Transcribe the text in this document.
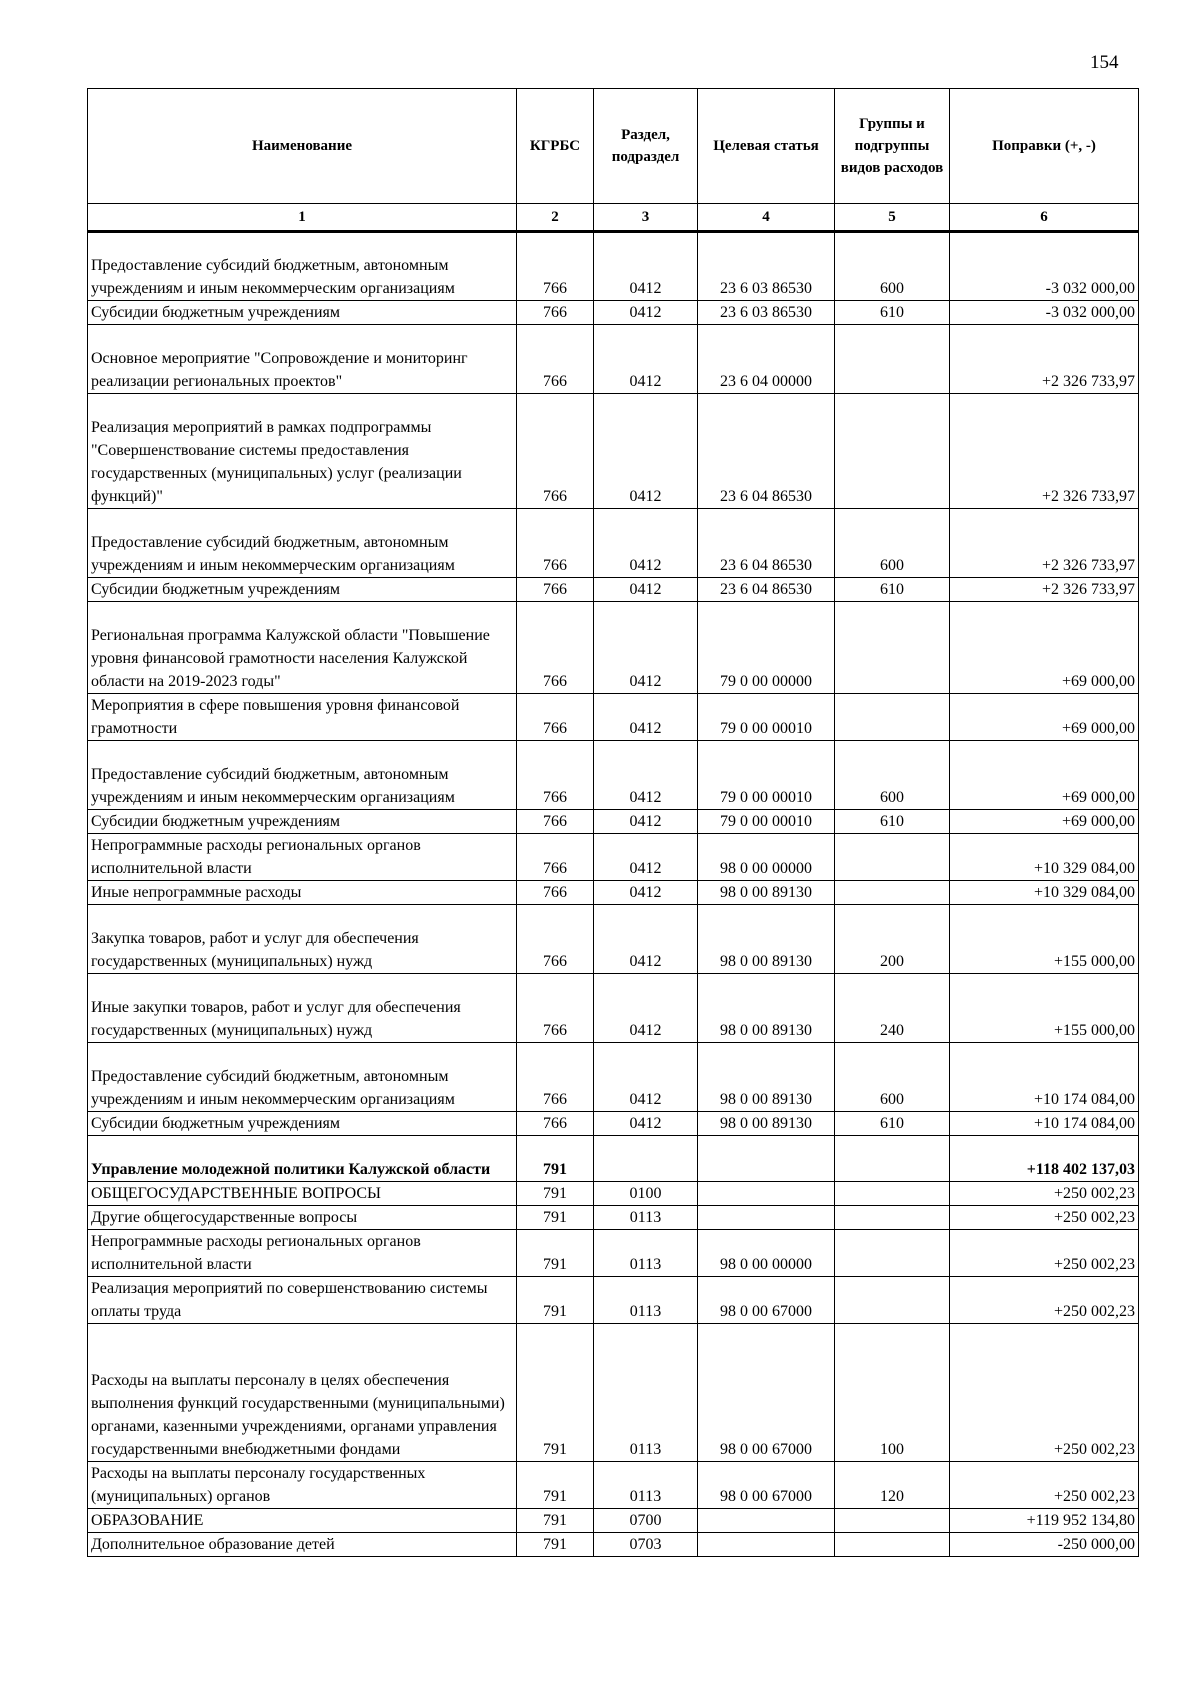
154
Наименование	КГРБС	Раздел, подраздел	Целевая статья	Группы и подгруппы видов расходов	Поправки (+, -)
1	2	3	4	5	6
Предоставление субсидий бюджетным, автономным учреждениям и иным некоммерческим организациям	766	0412	23 6 03 86530	600	-3 032 000,00
Субсидии бюджетным учреждениям	766	0412	23 6 03 86530	610	-3 032 000,00
Основное мероприятие "Сопровождение и мониторинг реализации региональных проектов"	766	0412	23 6 04 00000		+2 326 733,97
Реализация мероприятий в рамках подпрограммы "Совершенствование системы предоставления государственных (муниципальных) услуг (реализации функций)"	766	0412	23 6 04 86530		+2 326 733,97
Предоставление субсидий бюджетным, автономным учреждениям и иным некоммерческим организациям	766	0412	23 6 04 86530	600	+2 326 733,97
Субсидии бюджетным учреждениям	766	0412	23 6 04 86530	610	+2 326 733,97
Региональная программа Калужской области "Повышение уровня финансовой грамотности населения Калужской области на 2019-2023 годы"	766	0412	79 0 00 00000		+69 000,00
Мероприятия в сфере повышения уровня финансовой грамотности	766	0412	79 0 00 00010		+69 000,00
Предоставление субсидий бюджетным, автономным учреждениям и иным некоммерческим организациям	766	0412	79 0 00 00010	600	+69 000,00
Субсидии бюджетным учреждениям	766	0412	79 0 00 00010	610	+69 000,00
Непрограммные расходы региональных органов исполнительной власти	766	0412	98 0 00 00000		+10 329 084,00
Иные непрограммные расходы	766	0412	98 0 00 89130		+10 329 084,00
Закупка товаров, работ и услуг для обеспечения государственных (муниципальных) нужд	766	0412	98 0 00 89130	200	+155 000,00
Иные закупки товаров, работ и услуг для обеспечения государственных (муниципальных) нужд	766	0412	98 0 00 89130	240	+155 000,00
Предоставление субсидий бюджетным, автономным учреждениям и иным некоммерческим организациям	766	0412	98 0 00 89130	600	+10 174 084,00
Субсидии бюджетным учреждениям	766	0412	98 0 00 89130	610	+10 174 084,00
Управление молодежной политики Калужской области	791				+118 402 137,03
ОБЩЕГОСУДАРСТВЕННЫЕ ВОПРОСЫ	791	0100			+250 002,23
Другие общегосударственные вопросы	791	0113			+250 002,23
Непрограммные расходы региональных органов исполнительной власти	791	0113	98 0 00 00000		+250 002,23
Реализация мероприятий по совершенствованию системы оплаты труда	791	0113	98 0 00 67000		+250 002,23
Расходы на выплаты персоналу в целях обеспечения выполнения функций государственными (муниципальными) органами, казенными учреждениями, органами управления государственными внебюджетными фондами	791	0113	98 0 00 67000	100	+250 002,23
Расходы на выплаты персоналу государственных (муниципальных) органов	791	0113	98 0 00 67000	120	+250 002,23
ОБРАЗОВАНИЕ	791	0700			+119 952 134,80
Дополнительное образование детей	791	0703			-250 000,00
